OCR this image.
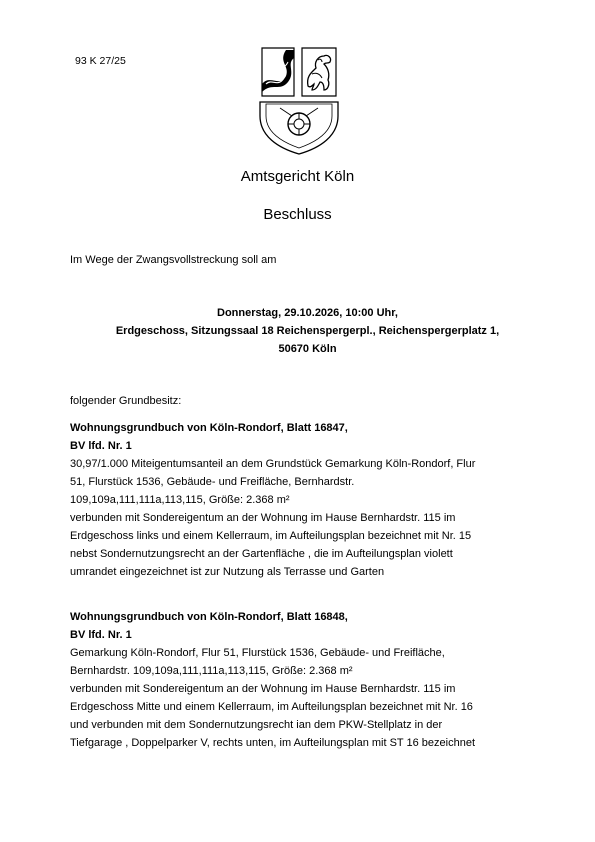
93 K 27/25
Amtsgericht Köln
Beschluss
Im Wege der Zwangsvollstreckung soll am
Donnerstag, 29.10.2026, 10:00 Uhr,
Erdgeschoss, Sitzungssaal 18 Reichenspergerpl., Reichenspergerplatz 1,
50670 Köln
folgender Grundbesitz:
Wohnungsgrundbuch von Köln-Rondorf, Blatt 16847,
BV lfd. Nr. 1
30,97/1.000 Miteigentumsanteil an dem Grundstück Gemarkung Köln-Rondorf, Flur
51, Flurstück 1536, Gebäude- und Freifläche, Bernhardstr.
109,109a,111,111a,113,115, Größe: 2.368 m²
verbunden mit Sondereigentum an der Wohnung im Hause Bernhardstr. 115 im
Erdgeschoss links und einem Kellerraum, im Aufteilungsplan bezeichnet mit Nr. 15
nebst Sondernutzungsrecht an der Gartenfläche , die im Aufteilungsplan violett
umrandet eingezeichnet ist zur Nutzung als Terrasse und Garten
Wohnungsgrundbuch von Köln-Rondorf, Blatt 16848,
BV lfd. Nr. 1
Gemarkung Köln-Rondorf, Flur 51, Flurstück 1536, Gebäude- und Freifläche,
Bernhardstr. 109,109a,111,111a,113,115, Größe: 2.368 m²
verbunden mit Sondereigentum an der Wohnung im Hause Bernhardstr. 115 im
Erdgeschoss Mitte und einem Kellerraum, im Aufteilungsplan bezeichnet mit Nr. 16
und verbunden mit dem Sondernutzungsrecht ian dem PKW-Stellplatz in der
Tiefgarage , Doppelparker V, rechts unten, im Aufteilungsplan mit ST 16 bezeichnet
